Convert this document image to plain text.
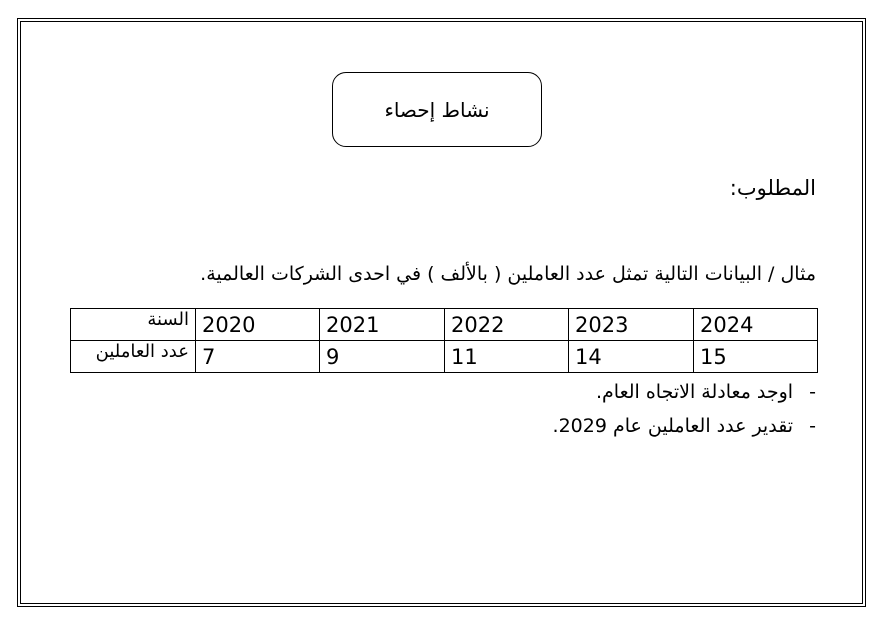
نشاط إحصاء
المطلوب:
مثال / البيانات التالية تمثل عدد العاملين ( بالألف ) في احدى الشركات العالمية.
2024	2023	2022	2021	2020	السنة
15	14	11	9	7	عدد العاملين
- اوجد معادلة الاتجاه العام.
- تقدير عدد العاملين عام 2029.
